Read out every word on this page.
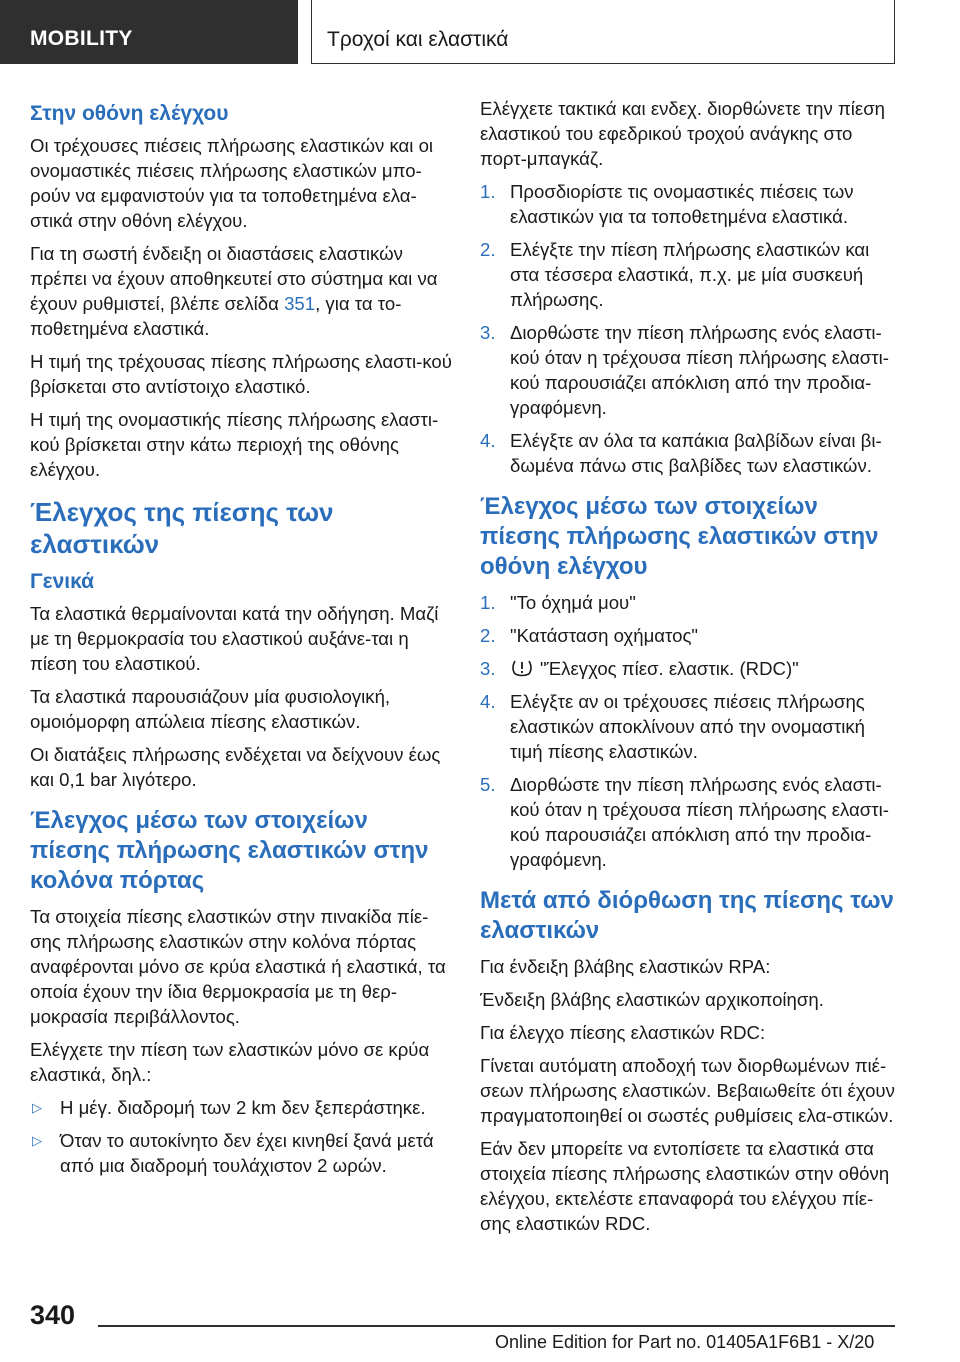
MOBILITY	Τροχοί και ελαστικά
Στην οθόνη ελέγχου

Οι τρέχουσες πιέσεις πλήρωσης ελαστικών και οι ονομαστικές πιέσεις πλήρωσης ελαστικών μπο-ρούν να εμφανιστούν για τα τοποθετημένα ελα-στικά στην οθόνη ελέγχου.

Για τη σωστή ένδειξη οι διαστάσεις ελαστικών πρέπει να έχουν αποθηκευτεί στο σύστημα και να έχουν ρυθμιστεί, βλέπε σελίδα 351, για τα το-ποθετημένα ελαστικά.

Η τιμή της τρέχουσας πίεσης πλήρωσης ελαστι-κού βρίσκεται στο αντίστοιχο ελαστικό.

Η τιμή της ονομαστικής πίεσης πλήρωσης ελαστι-κού βρίσκεται στην κάτω περιοχή της οθόνης ελέγχου.

Έλεγχος της πίεσης των ελαστικών
Γενικά

Τα ελαστικά θερμαίνονται κατά την οδήγηση. Μαζί με τη θερμοκρασία του ελαστικού αυξάνε-ται η πίεση του ελαστικού.

Τα ελαστικά παρουσιάζουν μία φυσιολογική, ομοιόμορφη απώλεια πίεσης ελαστικών.

Οι διατάξεις πλήρωσης ενδέχεται να δείχνουν έως και 0,1 bar λιγότερο.

Έλεγχος μέσω των στοιχείων πίεσης πλήρωσης ελαστικών στην κολόνα πόρτας

Τα στοιχεία πίεσης ελαστικών στην πινακίδα πίε-σης πλήρωσης ελαστικών στην κολόνα πόρτας αναφέρονται μόνο σε κρύα ελαστικά ή ελαστικά, τα οποία έχουν την ίδια θερμοκρασία με τη θερ-μοκρασία περιβάλλοντος.

Ελέγχετε την πίεση των ελαστικών μόνο σε κρύα ελαστικά, δηλ.:

▷ Η μέγ. διαδρομή των 2 km δεν ξεπεράστηκε.
▷ Όταν το αυτοκίνητο δεν έχει κινηθεί ξανά μετά από μια διαδρομή τουλάχιστον 2 ωρών.

Ελέγχετε τακτικά και ενδεχ. διορθώνετε την πίεση ελαστικού του εφεδρικού τροχού ανάγκης στο πορτ-μπαγκάζ.

1. Προσδιορίστε τις ονομαστικές πιέσεις των ελαστικών για τα τοποθετημένα ελαστικά.
2. Ελέγξτε την πίεση πλήρωσης ελαστικών και στα τέσσερα ελαστικά, π.χ. με μία συσκευή πλήρωσης.
3. Διορθώστε την πίεση πλήρωσης ενός ελαστι-κού όταν η τρέχουσα πίεση πλήρωσης ελαστι-κού παρουσιάζει απόκλιση από την προδια-γραφόμενη.
4. Ελέγξτε αν όλα τα καπάκια βαλβίδων είναι βι-δωμένα πάνω στις βαλβίδες των ελαστικών.
Έλεγχος μέσω των στοιχείων πίεσης πλήρωσης ελαστικών στην οθόνη ελέγχου
1. "Το όχημά μου"
2. "Κατάσταση οχήματος"
3. "Έλεγχος πίεσ. ελαστικ. (RDC)"
4. Ελέγξτε αν οι τρέχουσες πιέσεις πλήρωσης ελαστικών αποκλίνουν από την ονομαστική τιμή πίεσης ελαστικών.
5. Διορθώστε την πίεση πλήρωσης ενός ελαστι-κού όταν η τρέχουσα πίεση πλήρωσης ελαστι-κού παρουσιάζει απόκλιση από την προδια-γραφόμενη.
Μετά από διόρθωση της πίεσης των ελαστικών

Για ένδειξη βλάβης ελαστικών RPA:

Ένδειξη βλάβης ελαστικών αρχικοποίηση.

Για έλεγχο πίεσης ελαστικών RDC:

Γίνεται αυτόματη αποδοχή των διορθωμένων πιέ-σεων πλήρωσης ελαστικών. Βεβαιωθείτε ότι έχουν πραγματοποιηθεί οι σωστές ρυθμίσεις ελα-στικών.

Εάν δεν μπορείτε να εντοπίσετε τα ελαστικά στα στοιχεία πίεσης πλήρωσης ελαστικών στην οθόνη ελέγχου, εκτελέστε επαναφορά του ελέγχου πίε-σης ελαστικών RDC.

340
Online Edition for Part no. 01405A1F6B1 - X/20
